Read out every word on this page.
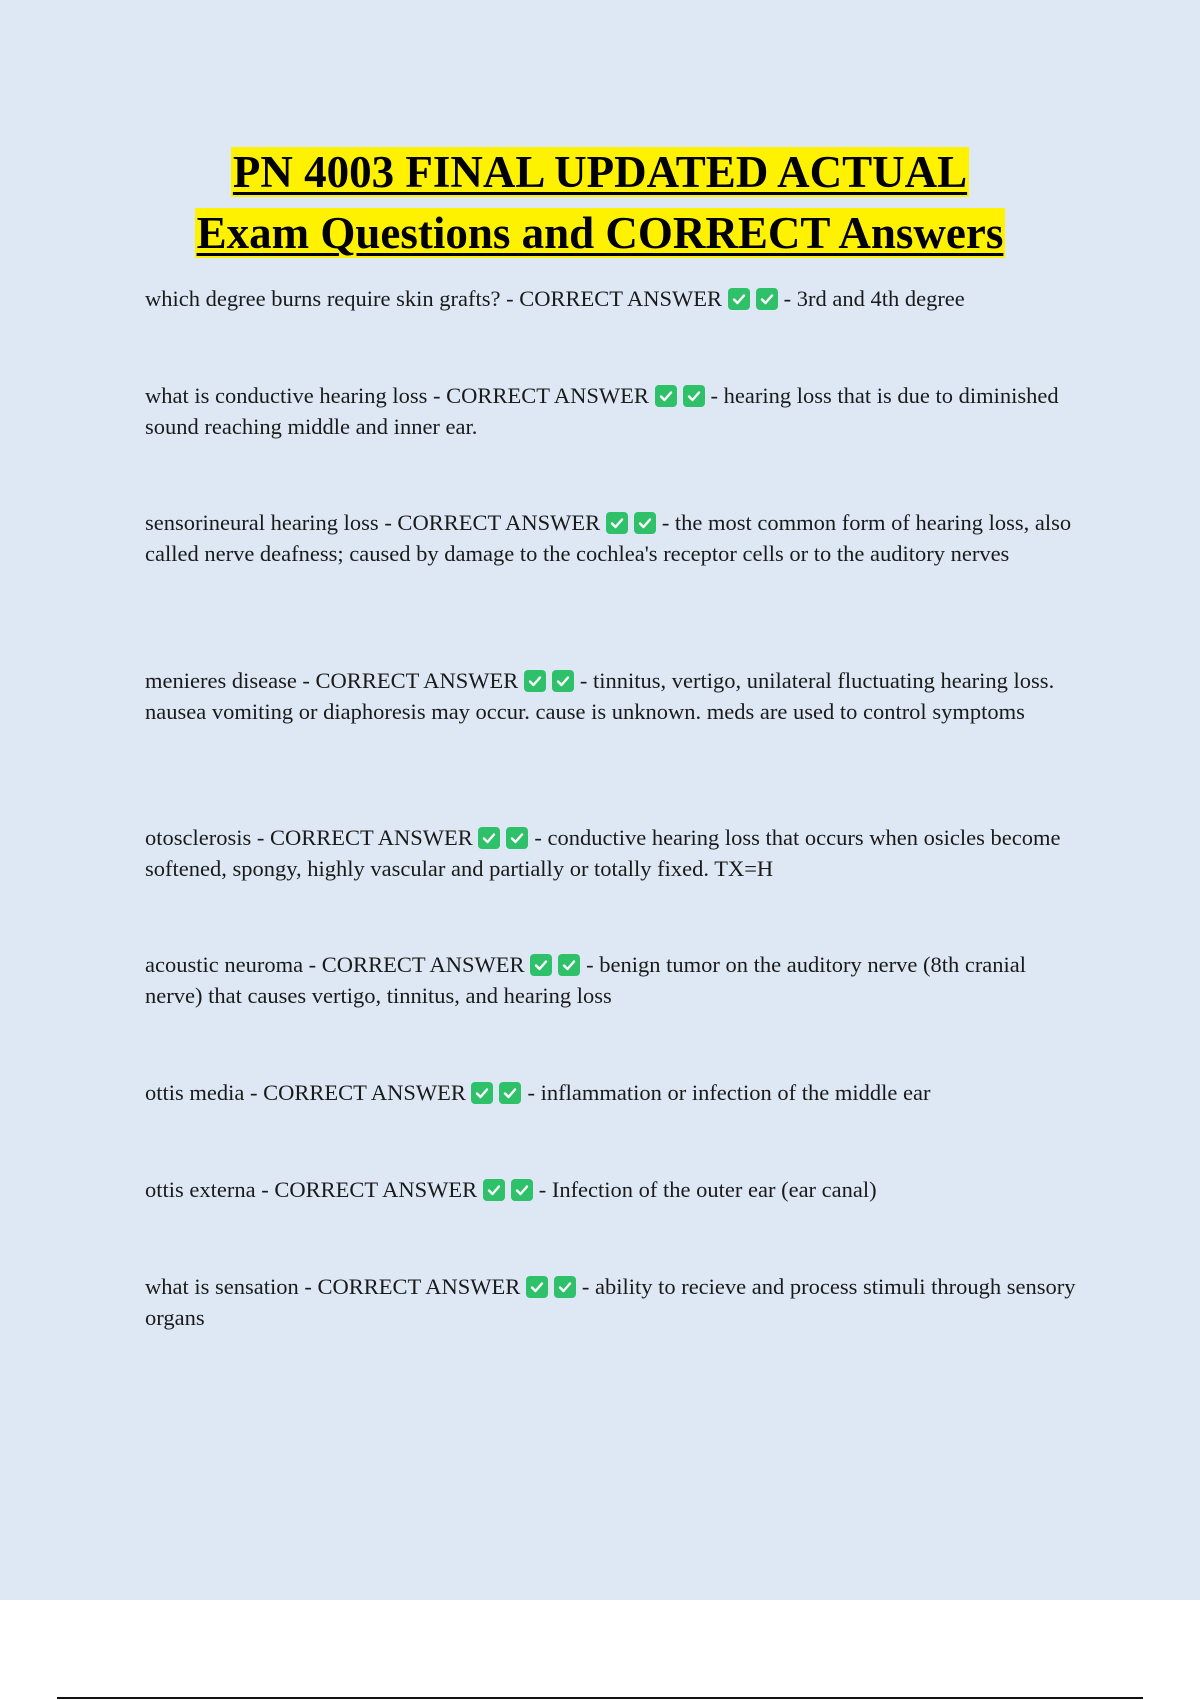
PN 4003 FINAL UPDATED ACTUAL
Exam Questions and CORRECT Answers

which degree burns require skin grafts? - CORRECT ANSWER	- 3rd and 4th degree

what is conductive hearing loss - CORRECT ANSWER	- hearing loss that is due to diminished sound reaching middle and inner ear.

sensorineural hearing loss - CORRECT ANSWER	- the most common form of hearing loss, also called nerve deafness; caused by damage to the cochlea's receptor cells or to the auditory nerves

menieres disease - CORRECT ANSWER	- tinnitus, vertigo, unilateral fluctuating hearing loss. nausea vomiting or diaphoresis may occur. cause is unknown. meds are used to control symptoms

otosclerosis - CORRECT ANSWER	- conductive hearing loss that occurs when osicles become softened, spongy, highly vascular and partially or totally fixed. TX=H

acoustic neuroma - CORRECT ANSWER	- benign tumor on the auditory nerve (8th cranial nerve) that causes vertigo, tinnitus, and hearing loss

ottis media - CORRECT ANSWER	- inflammation or infection of the middle ear

ottis externa - CORRECT ANSWER	- Infection of the outer ear (ear canal)

what is sensation - CORRECT ANSWER	- ability to recieve and process stimuli through sensory organs
